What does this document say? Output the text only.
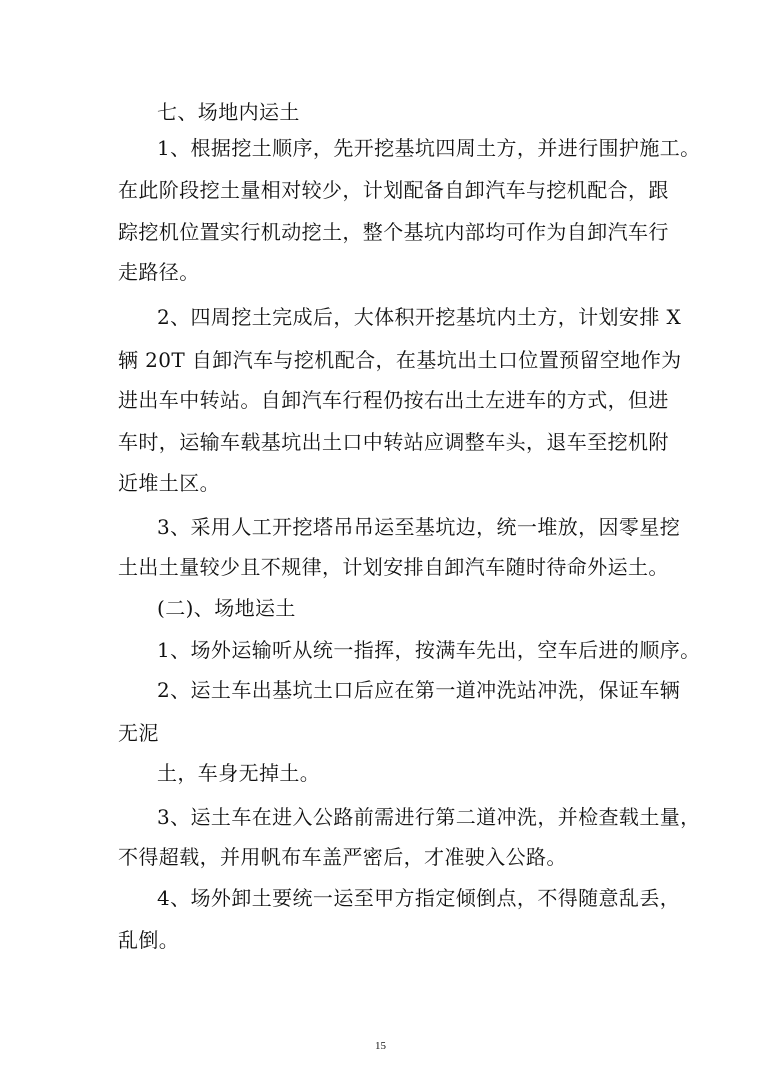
七、场地内运土
1、根据挖土顺序，先开挖基坑四周土方，并进行围护施工。
在此阶段挖土量相对较少，计划配备自卸汽车与挖机配合，跟
踪挖机位置实行机动挖土，整个基坑内部均可作为自卸汽车行
走路径。
2、四周挖土完成后，大体积开挖基坑内土方，计划安排 X
辆 20T 自卸汽车与挖机配合，在基坑出土口位置预留空地作为
进出车中转站。自卸汽车行程仍按右出土左进车的方式，但进
车时，运输车载基坑出土口中转站应调整车头，退车至挖机附
近堆土区。
3、采用人工开挖塔吊吊运至基坑边，统一堆放，因零星挖
土出土量较少且不规律，计划安排自卸汽车随时待命外运土。
(二)、场地运土
1、场外运输听从统一指挥，按满车先出，空车后进的顺序。
2、运土车出基坑土口后应在第一道冲洗站冲洗，保证车辆
无泥
土，车身无掉土。
3、运土车在进入公路前需进行第二道冲洗，并检查载土量，
不得超载，并用帆布车盖严密后，才准驶入公路。
4、场外卸土要统一运至甲方指定倾倒点，不得随意乱丢，
乱倒。
15
